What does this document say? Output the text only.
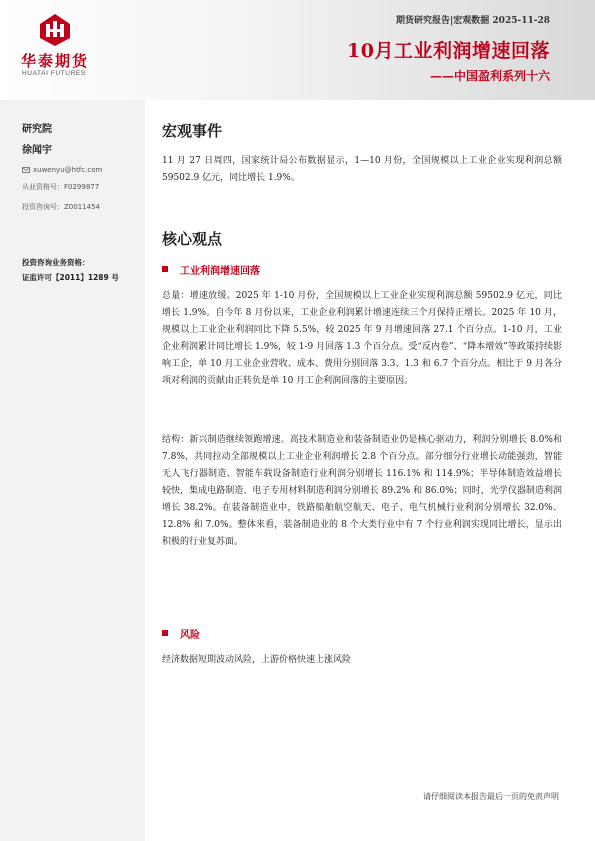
华泰期货
HUATAI FUTURES
期货研究报告|宏观数据 2025-11-28
10月工业利润增速回落
——中国盈利系列十六
研究院
徐闻宇
xuwenyu@htfc.com
从业资格号：F0299877
投资咨询号：Z0011454
投资咨询业务资格：
证监许可【2011】1289 号
宏观事件
11 月 27 日周四，国家统计局公布数据显示，1—10 月份，全国规模以上工业企业实现利润总额 59502.9 亿元，同比增长 1.9%。
核心观点
工业利润增速回落
总量：增速放缓。2025 年 1-10 月份，全国规模以上工业企业实现利润总额 59502.9 亿元，同比增长 1.9%。自今年 8 月份以来，工业企业利润累计增速连续三个月保持正增长。2025 年 10 月，规模以上工业企业利润同比下降 5.5%，较 2025 年 9 月增速回落 27.1 个百分点。1-10 月，工业企业利润累计同比增长 1.9%，较 1-9 月回落 1.3 个百分点。受“反内卷”、“降本增效”等政策持续影响工企，单 10 月工业企业营收、成本、费用分别回落 3.3、1.3 和 6.7 个百分点。相比于 9 月各分项对利润的贡献由正转负是单 10 月工企利润回落的主要原因。
结构：新兴制造继续领跑增速。高技术制造业和装备制造业仍是核心驱动力，利润分别增长 8.0%和 7.8%，共同拉动全部规模以上工业企业利润增长 2.8 个百分点。部分细分行业增长动能强劲，智能无人飞行器制造、智能车载设备制造行业利润分别增长 116.1% 和 114.9%；半导体制造效益增长较快，集成电路制造、电子专用材料制造利润分别增长 89.2% 和 86.0%；同时，光学仪器制造利润增长 38.2%。在装备制造业中，铁路船舶航空航天、电子、电气机械行业利润分别增长 32.0%、12.8% 和 7.0%。整体来看，装备制造业的 8 个大类行业中有 7 个行业利润实现同比增长，显示出积极的行业复苏面。
风险
经济数据短期波动风险，上游价格快速上涨风险
请仔细阅读本报告最后一页的免责声明
